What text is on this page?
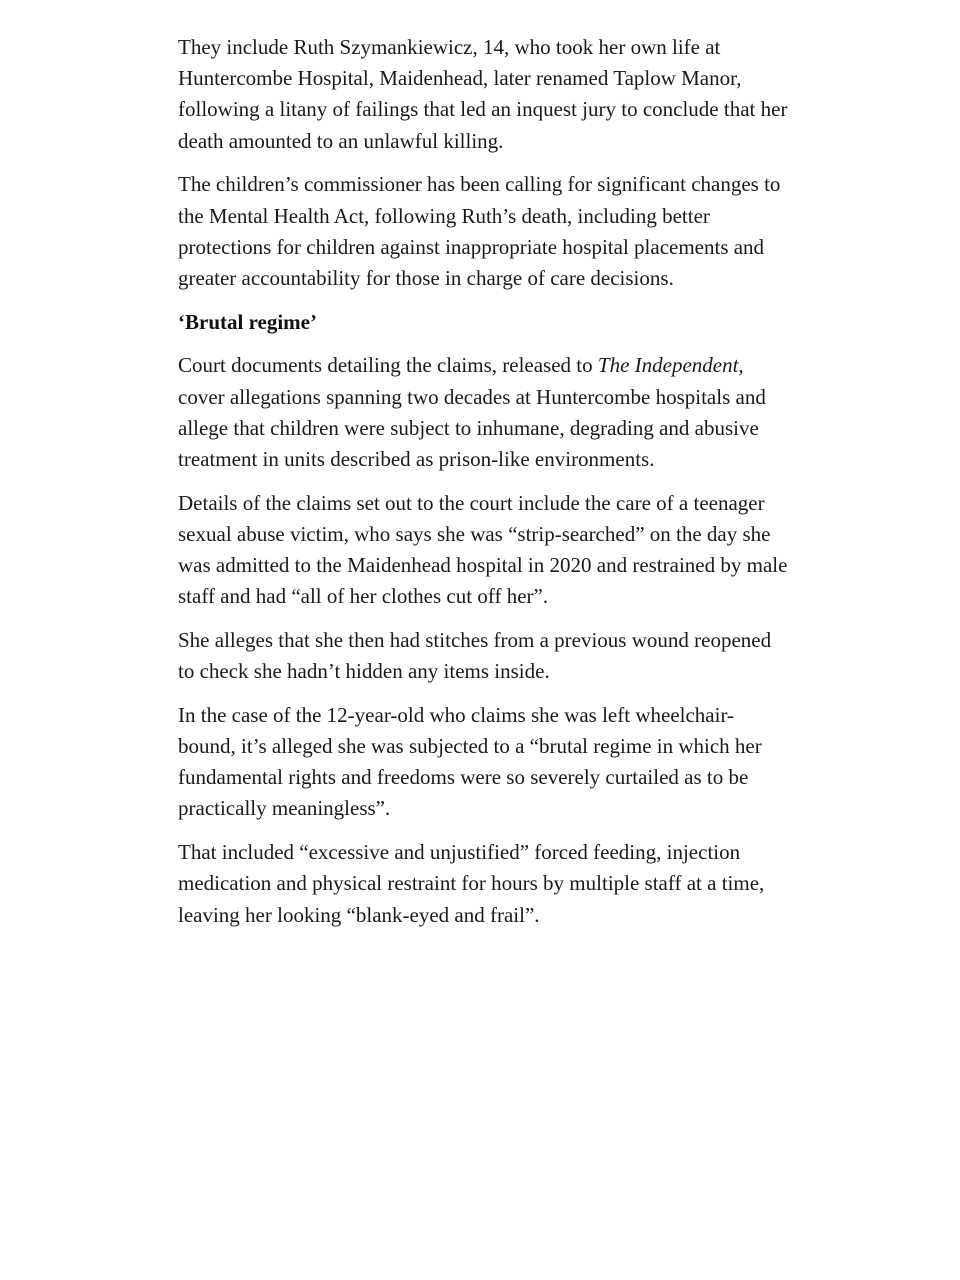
They include Ruth Szymankiewicz, 14, who took her own life at Huntercombe Hospital, Maidenhead, later renamed Taplow Manor, following a litany of failings that led an inquest jury to conclude that her death amounted to an unlawful killing.

The children’s commissioner has been calling for significant changes to the Mental Health Act, following Ruth’s death, including better protections for children against inappropriate hospital placements and greater accountability for those in charge of care decisions.

‘Brutal regime’

Court documents detailing the claims, released to The Independent, cover allegations spanning two decades at Huntercombe hospitals and allege that children were subject to inhumane, degrading and abusive treatment in units described as prison-like environments.

Details of the claims set out to the court include the care of a teenager sexual abuse victim, who says she was “strip-searched” on the day she was admitted to the Maidenhead hospital in 2020 and restrained by male staff and had “all of her clothes cut off her”.

She alleges that she then had stitches from a previous wound reopened to check she hadn’t hidden any items inside.

In the case of the 12-year-old who claims she was left wheelchair-bound, it’s alleged she was subjected to a “brutal regime in which her fundamental rights and freedoms were so severely curtailed as to be practically meaningless”.

That included “excessive and unjustified” forced feeding, injection medication and physical restraint for hours by multiple staff at a time, leaving her looking “blank-eyed and frail”.
